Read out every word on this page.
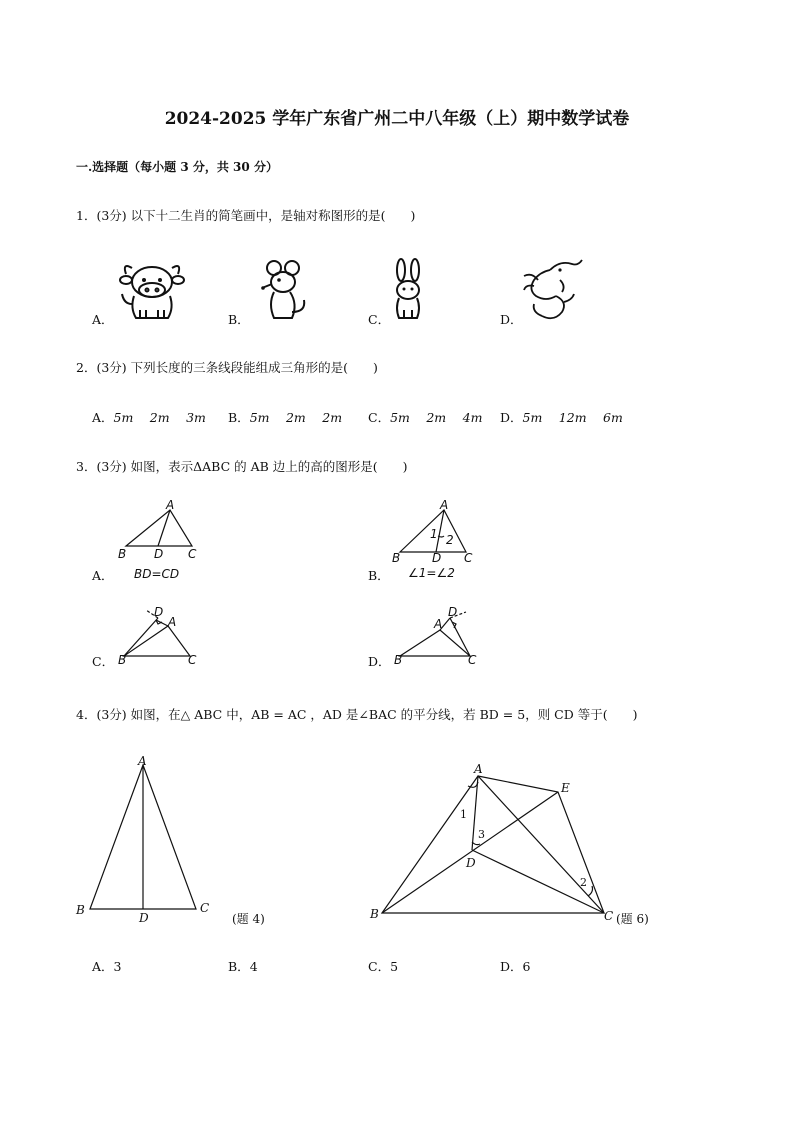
2024-2025 学年广东省广州二中八年级（上）期中数学试卷
一.选择题（每小题 3 分，共 30 分）
1．(3分) 以下十二生肖的简笔画中，是轴对称图形的是(　　)
A．	B．	C．	D．
2．(3分) 下列长度的三条线段能组成三角形的是(　　)
A．5m　 2m　 3m B．5m　 2m　 2m C．5m　 2m　 4m D．5m　 12m　 6m
3．(3分) 如图，表示ΔABC 的 AB 边上的高的图形是(　　)
A．
A
B D C
BD=CD	B．
A
1 2
B	D C
∠1=∠2
C．
D
A
B	C	D．
D
A
B	C
4．(3分) 如图，在△ ABC 中，AB = AC ，AD 是∠BAC 的平分线，若 BD = 5，则 CD 等于(　　)
A
B
D
C
(题 4)
A
E
1
3
D
2
B	C (题 6)
A．3	B．4	C．5	D．6
